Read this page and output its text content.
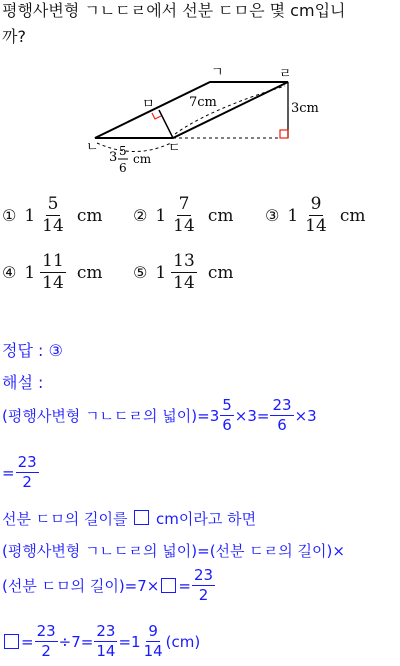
평행사변형 ㄱㄴㄷㄹ에서 선분 ㄷㅁ은 몇 cm입니
까?
ㄱ	ㄹ
ㅁ
ㄴ	ㄷ
7cm	3cm
3 5
6
cm
① $1 \frac{5}{14}$ cm ② $1 \frac{7}{14}$ cm ③ $1 \frac{9}{14}$ cm
④ $1 \frac{11}{14}$ cm ⑤ $1 \frac{13}{14}$ cm
정답 : ③
해설 :
(평행사변형 ㄱㄴㄷㄹ의 넓이)$=3 \frac{5}{6} \times 3= \frac{23}{6} \times 3$
= $\frac{23}{2}$
선분 ㄷㅁ의 길이를  cm이라고 하면
(평행사변형 ㄱㄴㄷㄹ의 넓이)=(선분 ㄷㄹ의 길이)×
(선분 ㄷㅁ의 길이)$=7\times = \frac{23}{2}$
= $\frac{23}{2} \div 7= \frac{23}{14} =1 \frac{9}{14} (cm)$
